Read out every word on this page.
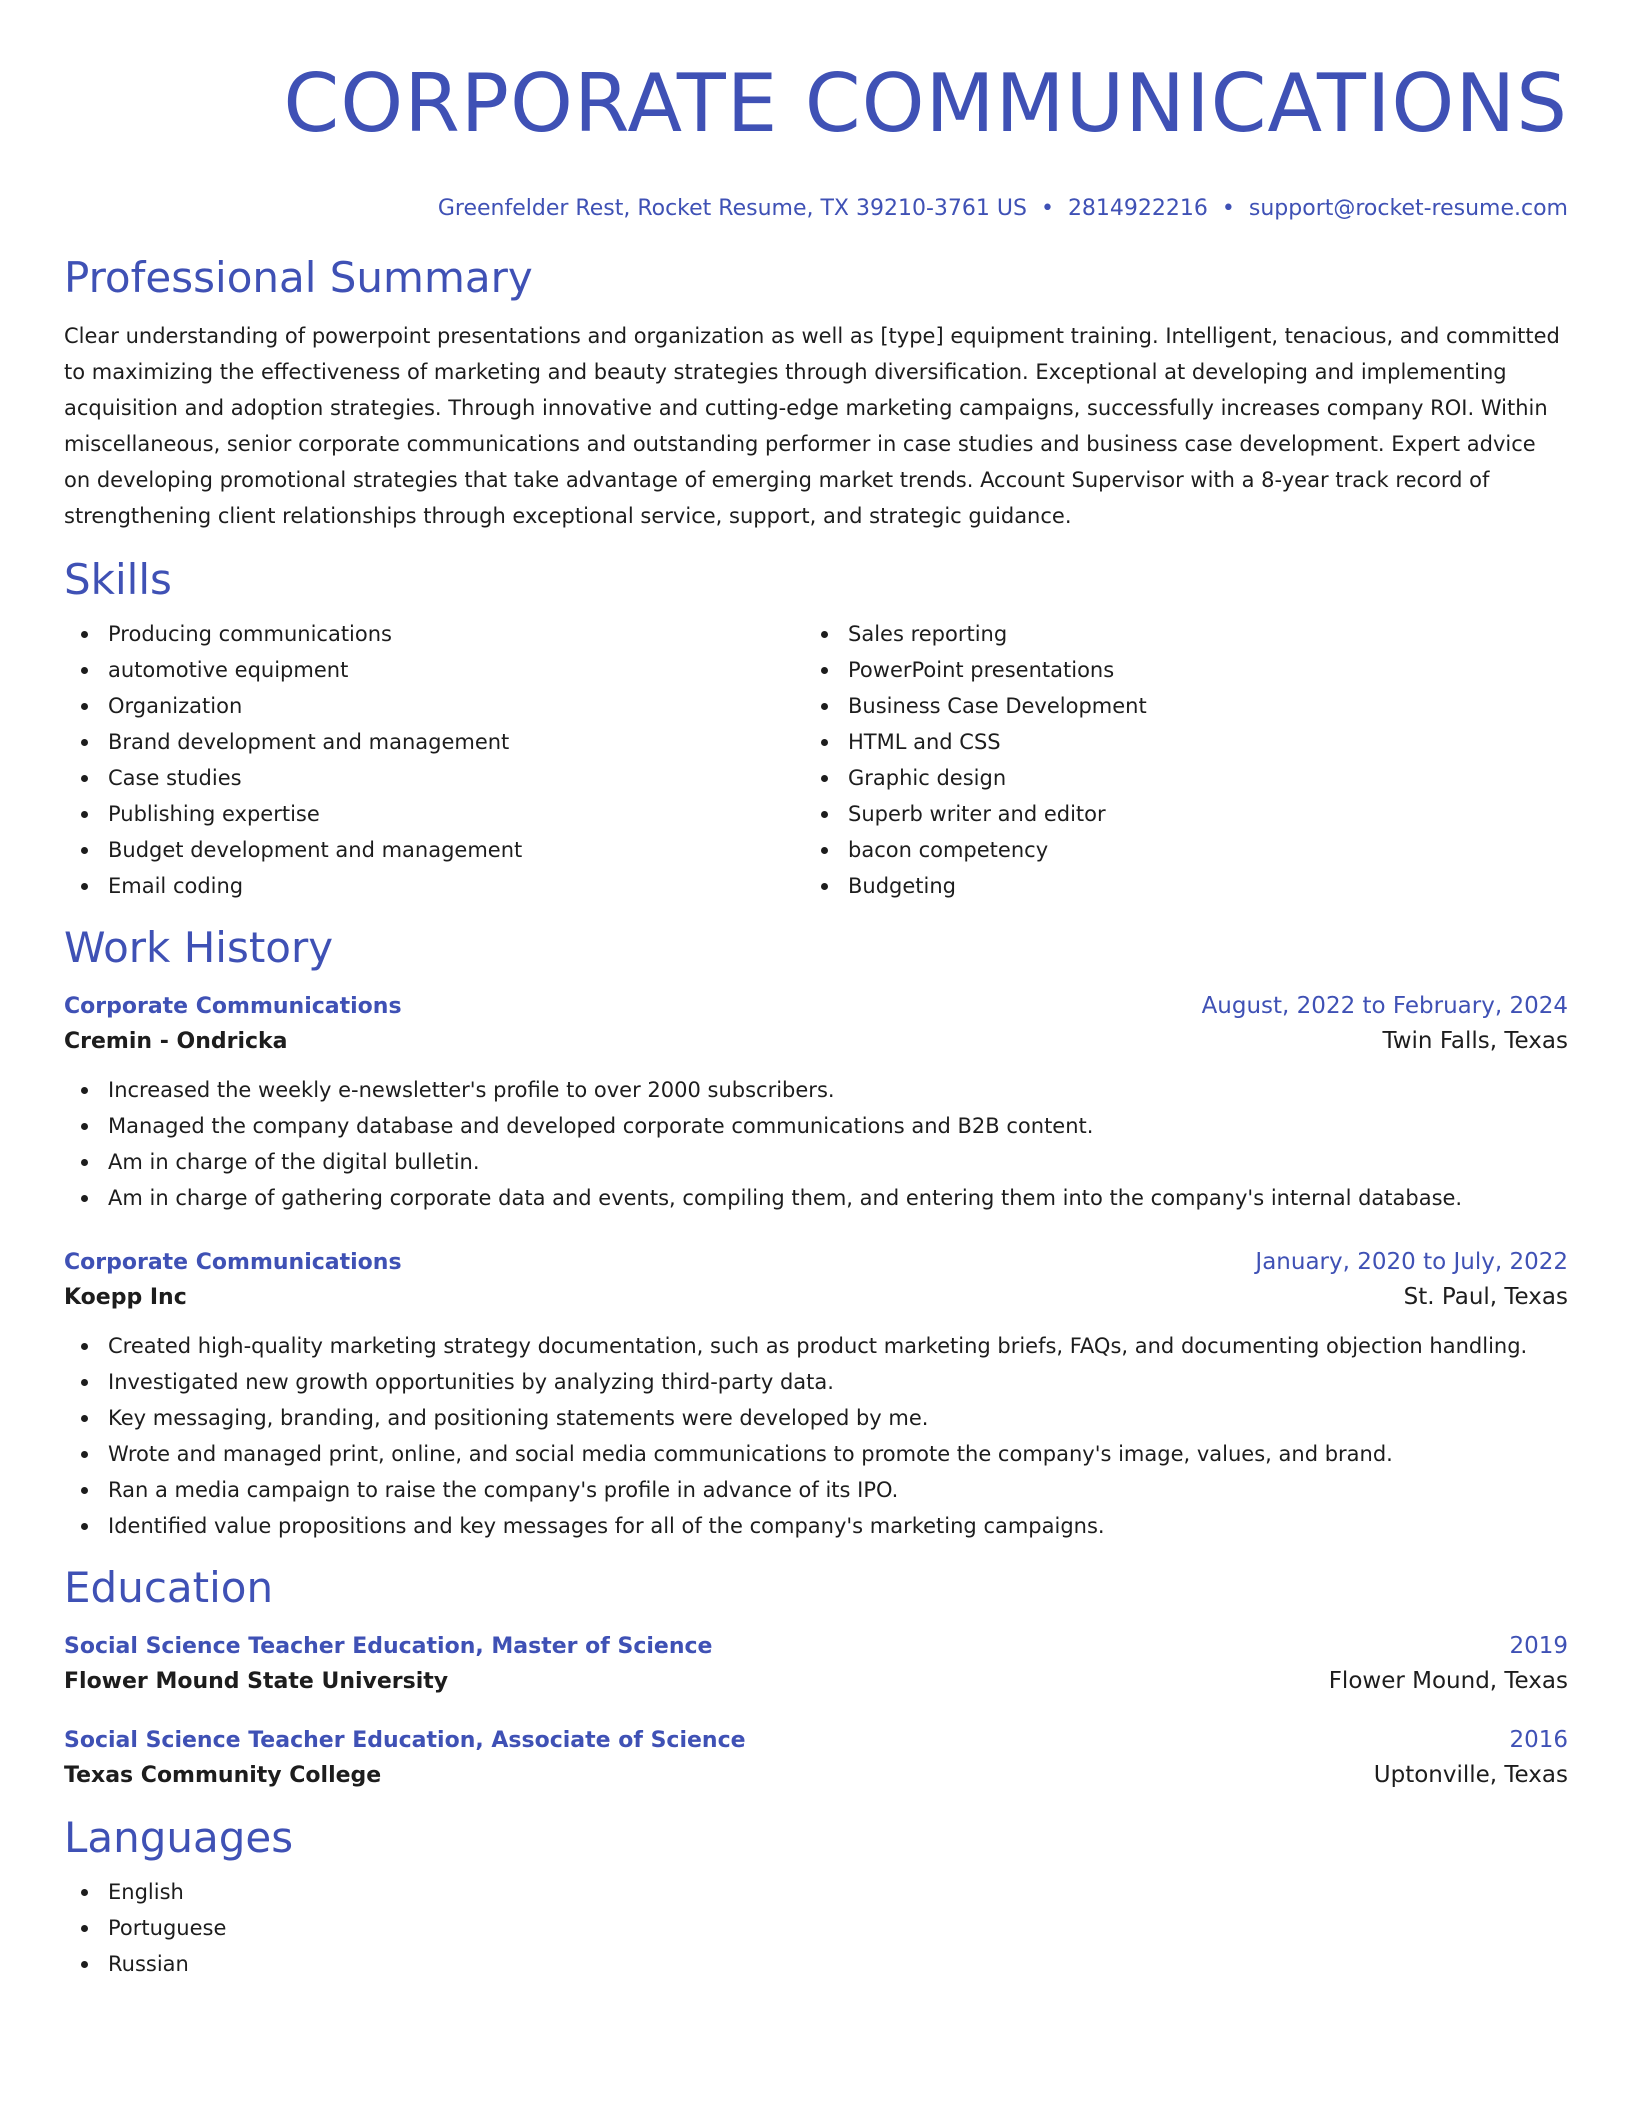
CORPORATE COMMUNICATIONS
Greenfelder Rest, Rocket Resume, TX 39210-3761 US • 2814922216 • support@rocket-resume.com
Professional Summary

Clear understanding of powerpoint presentations and organization as well as [type] equipment training. Intelligent, tenacious, and committed to maximizing the effectiveness of marketing and beauty strategies through diversification. Exceptional at developing and implementing acquisition and adoption strategies. Through innovative and cutting-edge marketing campaigns, successfully increases company ROI. Within miscellaneous, senior corporate communications and outstanding performer in case studies and business case development. Expert advice on developing promotional strategies that take advantage of emerging market trends. Account Supervisor with a 8-year track record of strengthening client relationships through exceptional service, support, and strategic guidance.

Skills
Producing communications
automotive equipment
Organization
Brand development and management
Case studies
Publishing expertise
Budget development and management
Email coding
Sales reporting
PowerPoint presentations
Business Case Development
HTML and CSS
Graphic design
Superb writer and editor
bacon competency
Budgeting
Work History
Corporate Communications	August, 2022 to February, 2024
Cremin - Ondricka	Twin Falls, Texas
Increased the weekly e-newsletter's profile to over 2000 subscribers.
Managed the company database and developed corporate communications and B2B content.
Am in charge of the digital bulletin.
Am in charge of gathering corporate data and events, compiling them, and entering them into the company's internal database.
Corporate Communications	January, 2020 to July, 2022
Koepp Inc	St. Paul, Texas
Created high-quality marketing strategy documentation, such as product marketing briefs, FAQs, and documenting objection handling.
Investigated new growth opportunities by analyzing third-party data.
Key messaging, branding, and positioning statements were developed by me.
Wrote and managed print, online, and social media communications to promote the company's image, values, and brand.
Ran a media campaign to raise the company's profile in advance of its IPO.
Identified value propositions and key messages for all of the company's marketing campaigns.
Education
Social Science Teacher Education, Master of Science	2019
Flower Mound State University	Flower Mound, Texas
Social Science Teacher Education, Associate of Science	2016
Texas Community College	Uptonville, Texas
Languages
English
Portuguese
Russian
